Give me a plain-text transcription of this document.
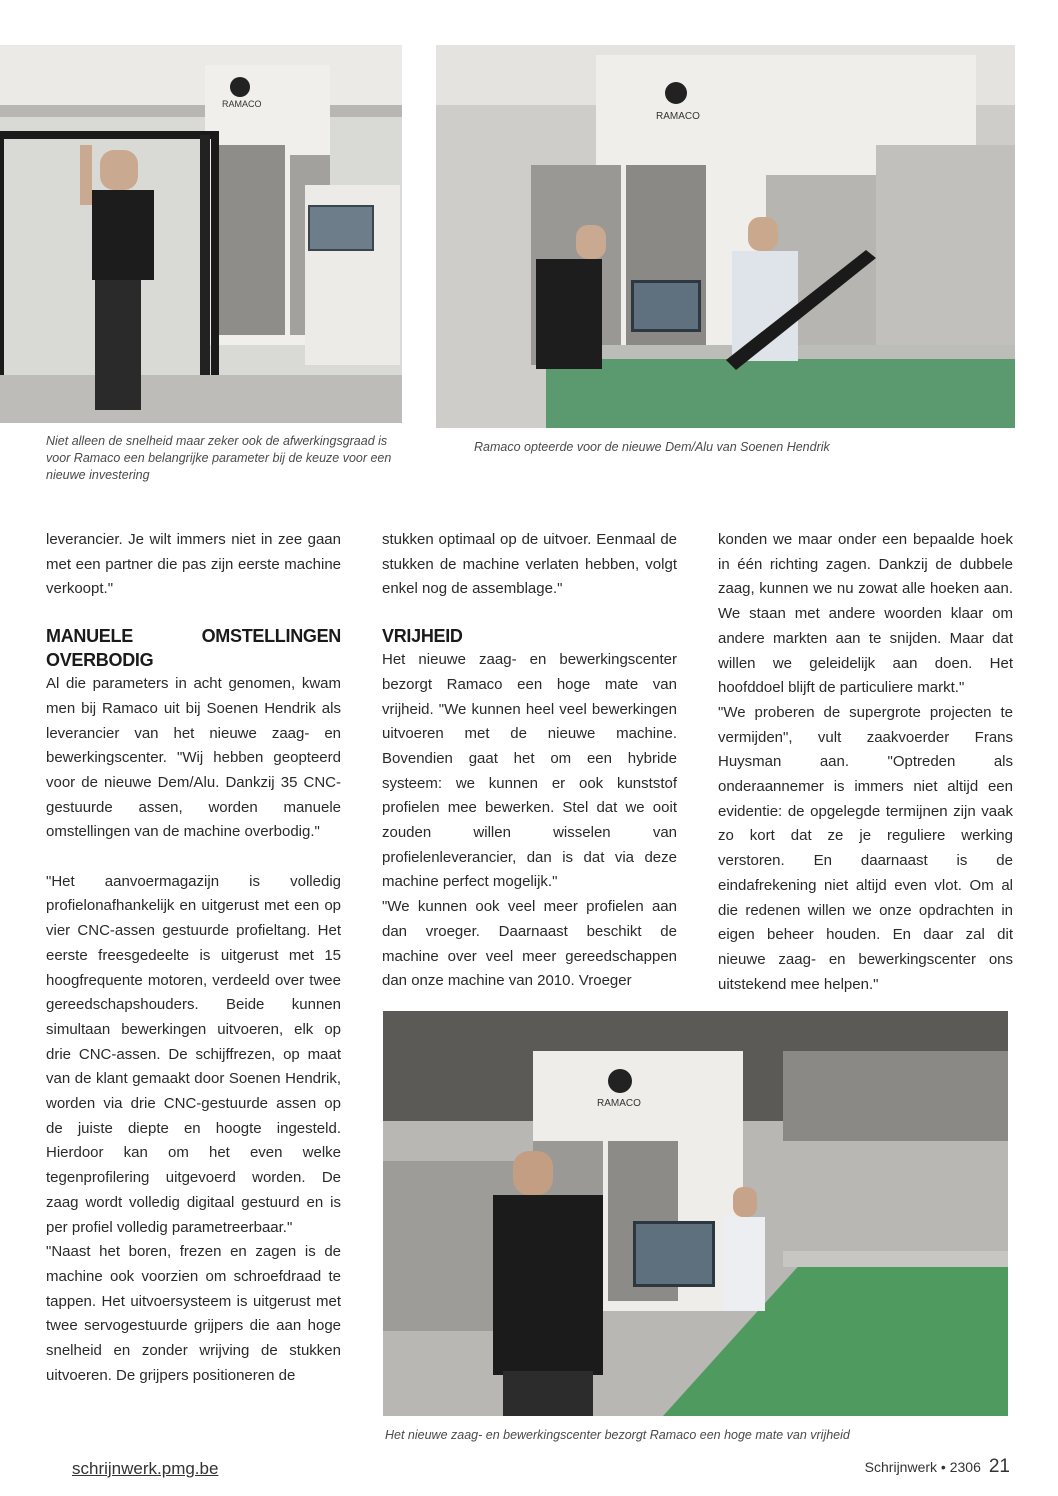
RAMACO
RAMACO
Niet alleen de snelheid maar zeker ook de afwerkingsgraad is voor Ramaco een belangrijke parameter bij de keuze voor een nieuwe investering
Ramaco opteerde voor de nieuwe Dem/Alu van Soenen Hendrik

leverancier. Je wilt immers niet in zee gaan met een partner die pas zijn eerste machine verkoopt."

MANUELE OMSTELLINGEN OVERBODIG

Al die parameters in acht genomen, kwam men bij Ramaco uit bij Soenen Hendrik als leverancier van het nieuwe zaag- en bewerkingscenter. "Wij hebben geopteerd voor de nieuwe Dem/Alu. Dankzij 35 CNC-gestuurde assen, worden manuele omstellingen van de machine overbodig."

"Het aanvoermagazijn is volledig profielonafhankelijk en uitgerust met een op vier CNC-assen gestuurde profieltang. Het eerste freesgedeelte is uitgerust met 15 hoogfrequente motoren, verdeeld over twee gereedschapshouders. Beide kunnen simultaan bewerkingen uitvoeren, elk op drie CNC-assen. De schijffrezen, op maat van de klant gemaakt door Soenen Hendrik, worden via drie CNC-gestuurde assen op de juiste diepte en hoogte ingesteld. Hierdoor kan om het even welke tegenprofilering uitgevoerd worden. De zaag wordt volledig digitaal gestuurd en is per profiel volledig parametreerbaar."

"Naast het boren, frezen en zagen is de machine ook voorzien om schroefdraad te tappen. Het uitvoersysteem is uitgerust met twee servogestuurde grijpers die aan hoge snelheid en zonder wrijving de stukken uitvoeren. De grijpers positioneren de

stukken optimaal op de uitvoer. Eenmaal de stukken de machine verlaten hebben, volgt enkel nog de assemblage."

VRIJHEID

Het nieuwe zaag- en bewerkingscenter bezorgt Ramaco een hoge mate van vrijheid. "We kunnen heel veel bewerkingen uitvoeren met de nieuwe machine. Bovendien gaat het om een hybride systeem: we kunnen er ook kunststof profielen mee bewerken. Stel dat we ooit zouden willen wisselen van profielenleverancier, dan is dat via deze machine perfect mogelijk."

"We kunnen ook veel meer profielen aan dan vroeger. Daarnaast beschikt de machine over veel meer gereedschappen dan onze machine van 2010. Vroeger

konden we maar onder een bepaalde hoek in één richting zagen. Dankzij de dubbele zaag, kunnen we nu zowat alle hoeken aan. We staan met andere woorden klaar om andere markten aan te snijden. Maar dat willen we geleidelijk aan doen. Het hoofddoel blijft de particuliere markt."

"We proberen de supergrote projecten te vermijden", vult zaakvoerder Frans Huysman aan. "Optreden als onderaannemer is immers niet altijd een evidentie: de opgelegde termijnen zijn vaak zo kort dat ze je reguliere werking verstoren. En daarnaast is de eindafrekening niet altijd even vlot. Om al die redenen willen we onze opdrachten in eigen beheer houden. En daar zal dit nieuwe zaag- en bewerkingscenter ons uitstekend mee helpen."

RAMACO
Het nieuwe zaag- en bewerkingscenter bezorgt Ramaco een hoge mate van vrijheid
schrijnwerk.pmg.be	Schrijnwerk • 2306 21
